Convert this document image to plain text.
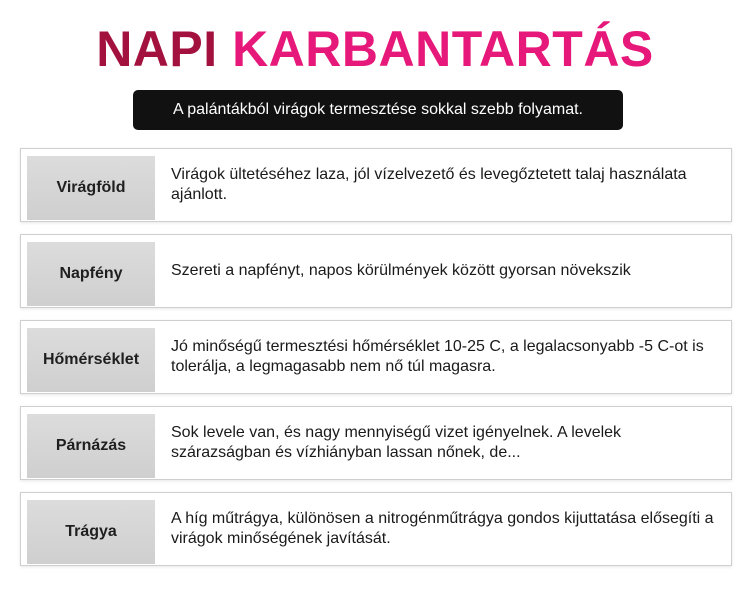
NAPI KARBANTARTÁS
A palántákból virágok termesztése sokkal szebb folyamat.
Virágföld
Virágok ültetéséhez laza, jól vízelvezető és levegőztetett talaj használata ajánlott.
Napfény	Szereti a napfényt, napos körülmények között gyorsan növekszik
Hőmérséklet
Jó minőségű termesztési hőmérséklet 10-25 C, a legalacsonyabb -5 C-ot is tolerálja, a legmagasabb nem nő túl magasra.
Párnázás
Sok levele van, és nagy mennyiségű vizet igényelnek. A levelek szárazságban és vízhiányban lassan nőnek, de...
Trágya
A híg műtrágya, különösen a nitrogénműtrágya gondos kijuttatása elősegíti a virágok minőségének javítását.
